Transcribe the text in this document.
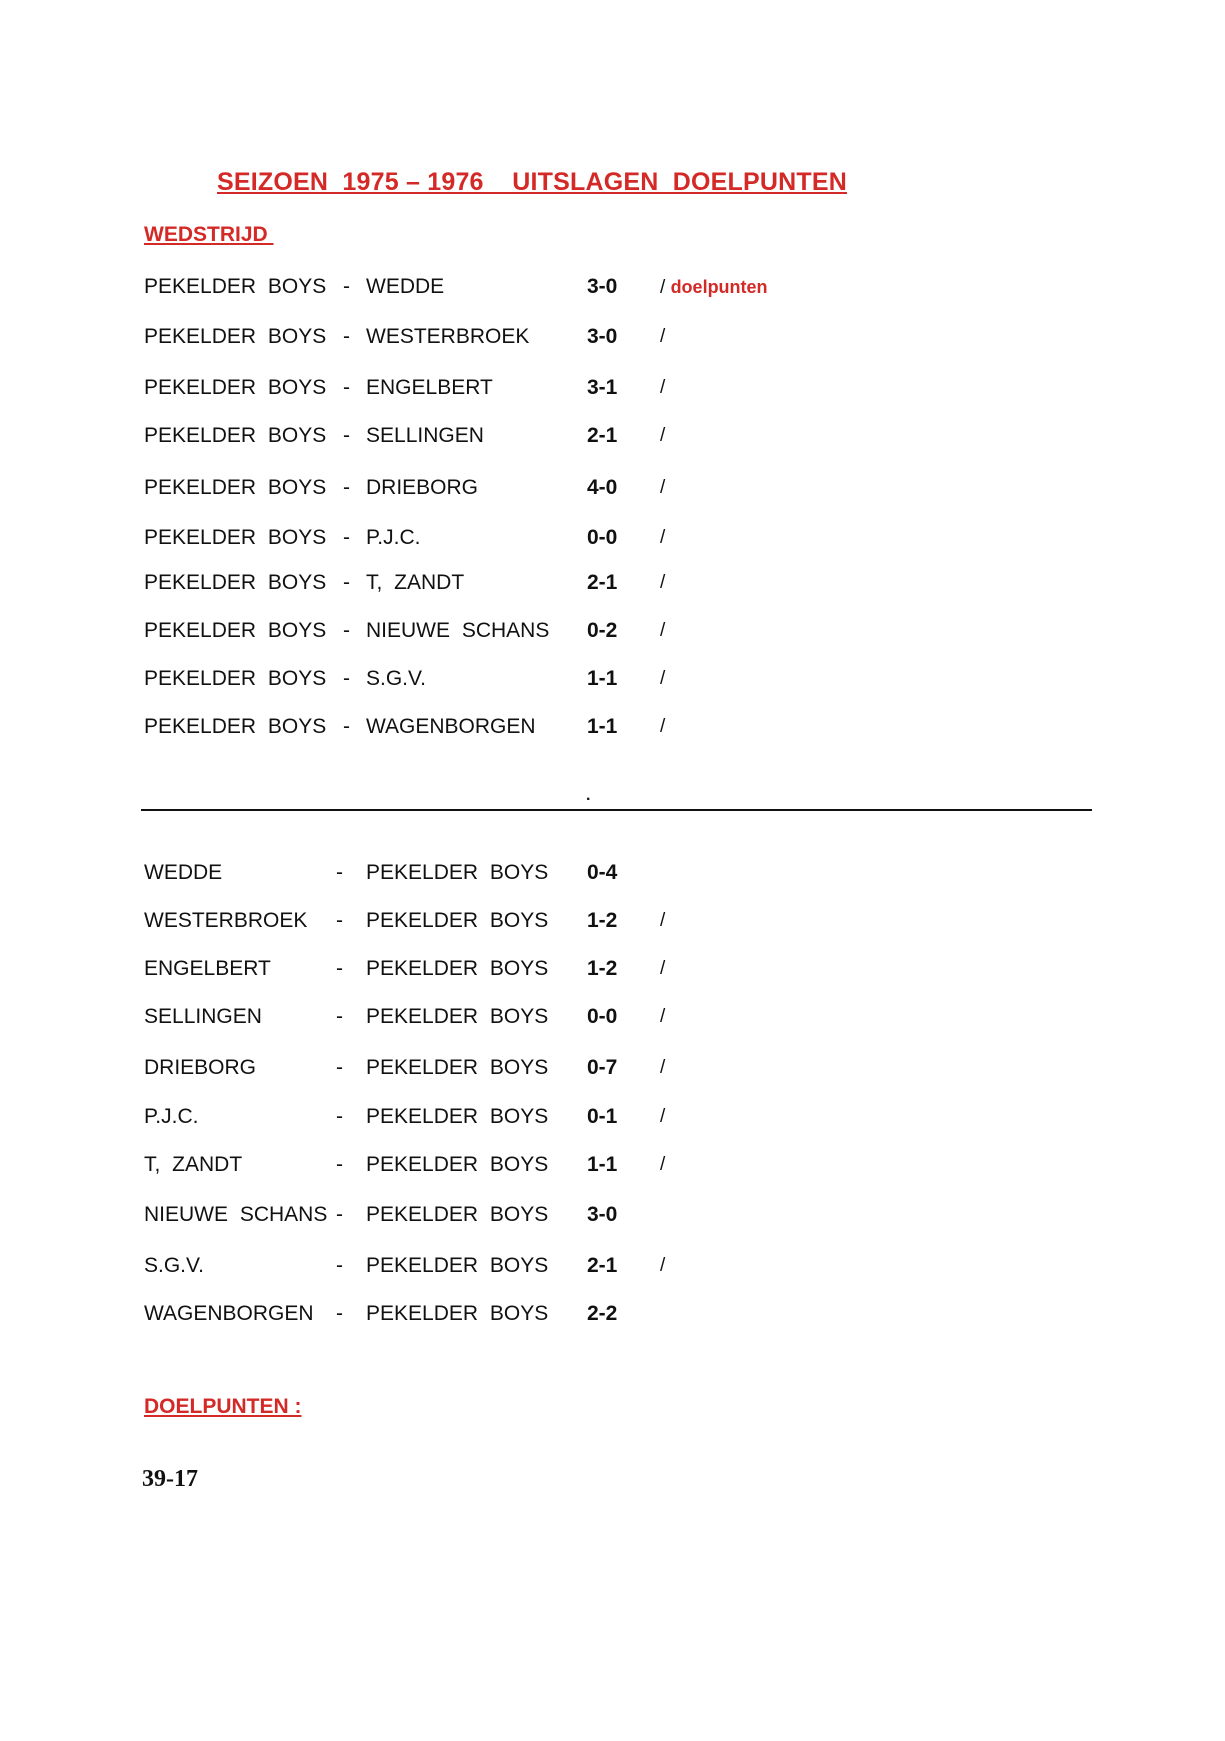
SEIZOEN  1975 – 1976    UITSLAGEN  DOELPUNTEN
WEDSTRIJD
PEKELDER BOYS - WEDDE	3-0 / doelpunten
PEKELDER BOYS - WESTERBROEK	3-0 /
PEKELDER BOYS - ENGELBERT	3-1 /
PEKELDER BOYS - SELLINGEN	2-1 /
PEKELDER BOYS - DRIEBORG	4-0 /
PEKELDER BOYS - P.J.C.	0-0 /
PEKELDER BOYS - T, ZANDT	2-1 /
PEKELDER BOYS - NIEUWE SCHANS 0-2 /
PEKELDER BOYS - S.G.V.	1-1 /
PEKELDER BOYS - WAGENBORGEN 1-1 /
.
WEDDE	- PEKELDER BOYS 0-4
WESTERBROEK - PEKELDER BOYS 1-2 /
ENGELBERT	- PEKELDER BOYS 1-2 /
SELLINGEN	- PEKELDER BOYS 0-0 /
DRIEBORG	- PEKELDER BOYS 0-7 /
P.J.C.	- PEKELDER BOYS 0-1 /
T, ZANDT	- PEKELDER BOYS 1-1 /
NIEUWE SCHANS - PEKELDER BOYS 3-0
S.G.V.	- PEKELDER BOYS 2-1 /
WAGENBORGEN - PEKELDER BOYS 2-2
DOELPUNTEN :
39-17
